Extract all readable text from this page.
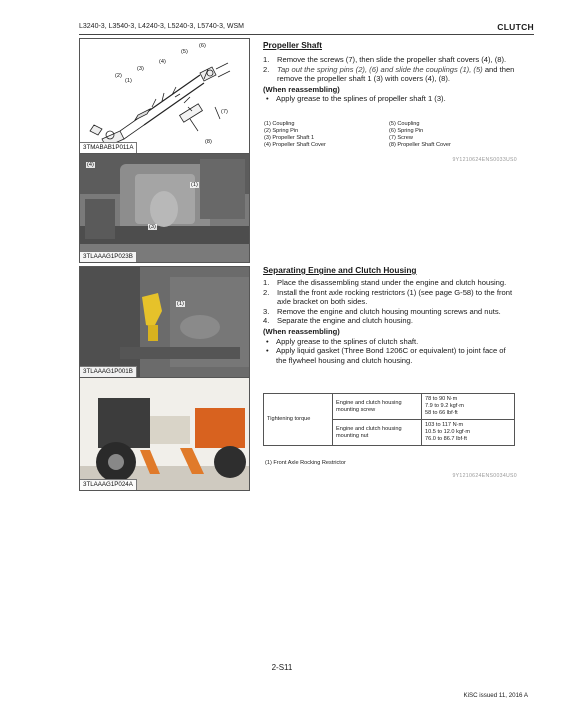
L3240-3, L3540-3, L4240-3, L5240-3, L5740-3, WSM	CLUTCH
(1)
(2)
(3)
(4)
(5)
(6)
(7)
(8)
3TMABAB1P011A
(4)
(1)
(3)
3TLAAAG1P023B
(1)
3TLAAAG1P001B
3TLAAAG1P024A
Propeller Shaft
1.	Remove the screws (7), then slide the propeller shaft covers (4), (8).
2.	Tap out the spring pins (2), (6) and slide the couplings (1), (5) and then remove the propeller shaft 1 (3) with covers (4), (8).
(When reassembling)
• Apply grease to the splines of propeller shaft 1 (3).
(1) Coupling	(5) Coupling
(2) Spring Pin	(6) Spring Pin
(3) Propeller Shaft 1	(7) Screw
(4) Propeller Shaft Cover	(8) Propeller Shaft Cover
9Y1210624ENS0033US0
Separating Engine and Clutch Housing
1.	Place the disassembling stand under the engine and clutch housing.
2.	Install the front axle rocking restrictors (1) (see page G-58) to the front axle bracket on both sides.
3.	Remove the engine and clutch housing mounting screws and nuts.
4.	Separate the engine and clutch housing.
(When reassembling)
• Apply grease to the splines of clutch shaft.
• Apply liquid gasket (Three Bond 1206C or equivalent) to joint face of the flywheel housing and clutch housing.
Tightening torque	Engine and clutch housing mounting screw	78 to 90 N·m
7.9 to 9.2 kgf·m
58 to 66 lbf·ft

	Engine and clutch housing mounting nut	103 to 117 N·m
10.5 to 12.0 kgf·m
76.0 to 86.7 lbf·ft
(1) Front Axle Rocking Restrictor
9Y1210624ENS0034US0
2-S11
KiSC issued 11, 2016 A
